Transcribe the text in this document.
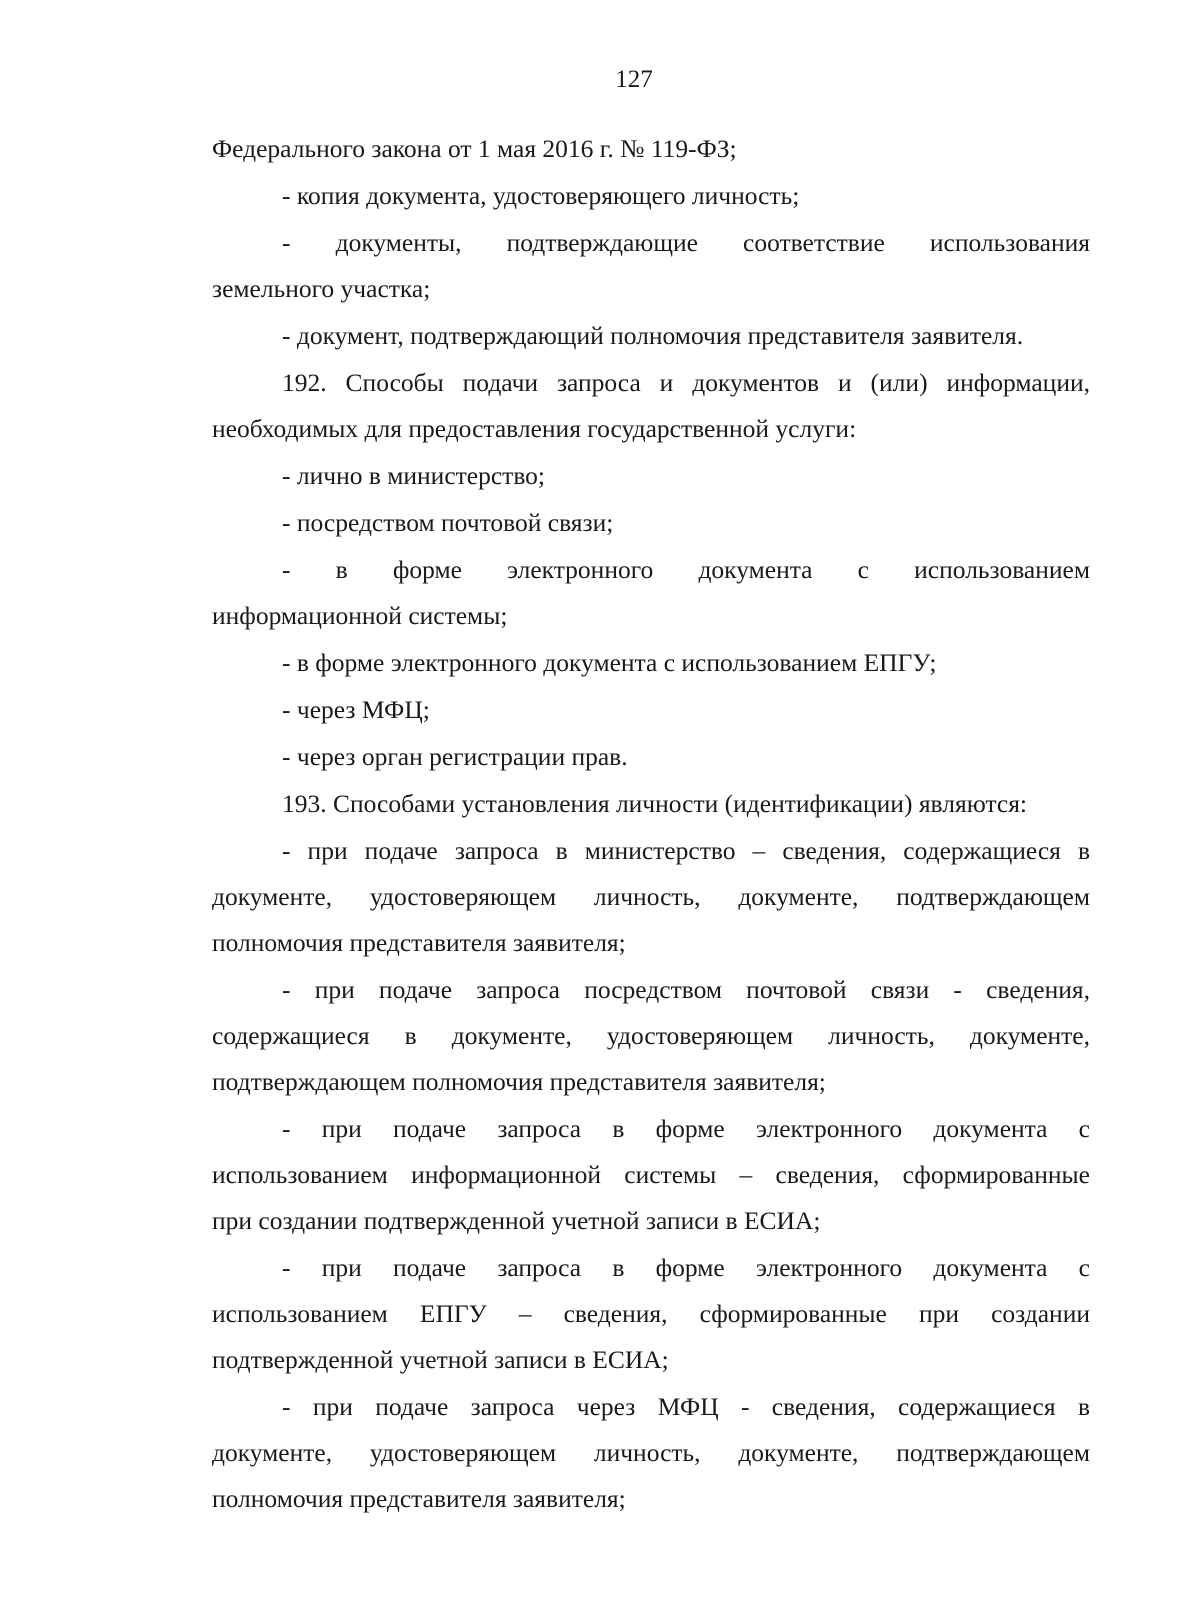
127
Федерального закона от 1 мая 2016 г. № 119-ФЗ;
- копия документа, удостоверяющего личность;
- документы, подтверждающие соответствие использования
земельного участка;
- документ, подтверждающий полномочия представителя заявителя.
192. Способы подачи запроса и документов и (или) информации,
необходимых для предоставления государственной услуги:
- лично в министерство;
- посредством почтовой связи;
- в форме электронного документа с использованием
информационной системы;
- в форме электронного документа с использованием ЕПГУ;
- через МФЦ;
- через орган регистрации прав.
193. Способами установления личности (идентификации) являются:
- при подаче запроса в министерство – сведения, содержащиеся в
документе, удостоверяющем личность, документе, подтверждающем
полномочия представителя заявителя;
- при подаче запроса посредством почтовой связи - сведения,
содержащиеся в документе, удостоверяющем личность, документе,
подтверждающем полномочия представителя заявителя;
- при подаче запроса в форме электронного документа с
использованием информационной системы – сведения, сформированные
при создании подтвержденной учетной записи в ЕСИА;
- при подаче запроса в форме электронного документа с
использованием ЕПГУ – сведения, сформированные при создании
подтвержденной учетной записи в ЕСИА;
- при подаче запроса через МФЦ - сведения, содержащиеся в
документе, удостоверяющем личность, документе, подтверждающем
полномочия представителя заявителя;
